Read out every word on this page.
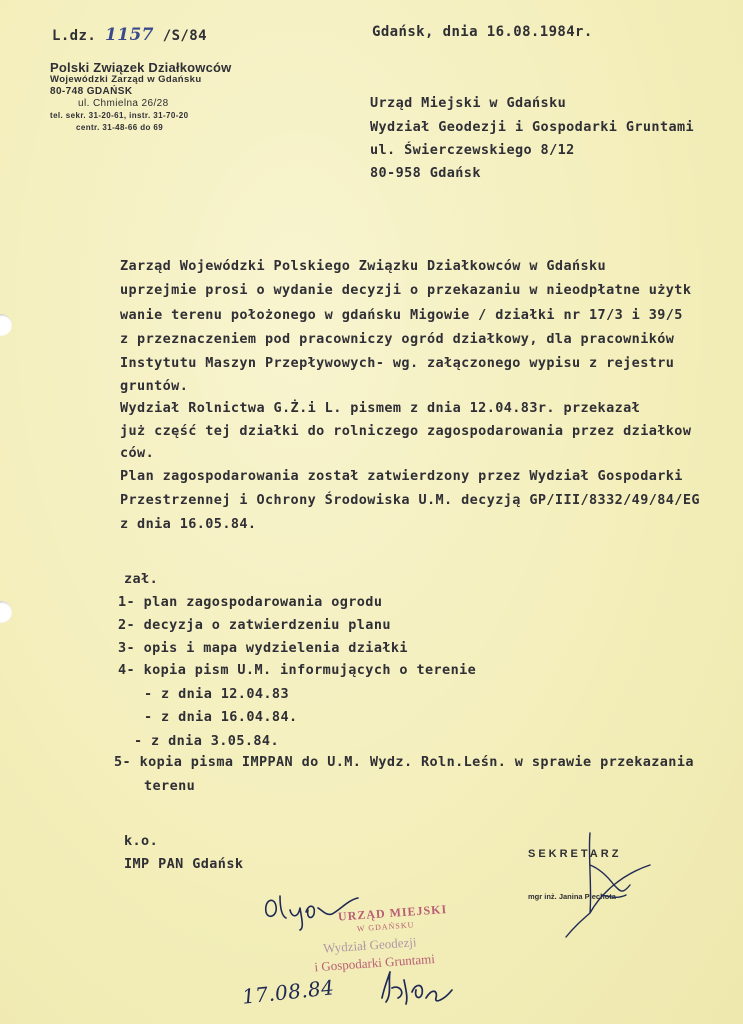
L.dz. 1157 /S/84
Polski Związek Działkowców
Wojewódzki Zarząd w Gdańsku
80-748 GDAŃSK
ul. Chmielna 26/28
tel. sekr. 31-20-61, instr. 31-70-20
centr. 31-48-66 do 69
Gdańsk, dnia 16.08.1984r.
Urząd Miejski w Gdańsku
Wydział Geodezji i Gospodarki Gruntami
ul. Świerczewskiego 8/12
80-958 Gdańsk
Zarząd Wojewódzki Polskiego Związku Działkowców w Gdańsku
uprzejmie prosi o wydanie decyzji o przekazaniu w nieodpłatne użytk
wanie terenu położonego w gdańsku Migowie / działki nr 17/3 i 39/5
z przeznaczeniem pod pracowniczy ogród działkowy, dla pracowników
Instytutu Maszyn Przepływowych- wg. załączonego wypisu z rejestru
gruntów.
Wydział Rolnictwa G.Ż.i L. pismem z dnia 12.04.83r. przekazał
już część tej działki do rolniczego zagospodarowania przez działkow
ców.
Plan zagospodarowania został zatwierdzony przez Wydział Gospodarki
Przestrzennej i Ochrony Środowiska U.M. decyzją GP/III/8332/49/84/EG
z dnia 16.05.84.
zał.
1- plan zagospodarowania ogrodu
2- decyzja o zatwierdzeniu planu
3- opis i mapa wydzielenia działki
4- kopia pism U.M. informujących o terenie
- z dnia 12.04.83
- z dnia 16.04.84.
- z dnia 3.05.84.
5- kopia pisma IMPPAN do U.M. Wydz. Roln.Leśn. w sprawie przekazania
terenu
k.o.
IMP PAN Gdańsk
SEKRETARZ
mgr inż. Janina Piechota
URZĄD MIEJSKI
W GDAŃSKU
Wydział Geodezji
i Gospodarki Gruntami
17.08.84
